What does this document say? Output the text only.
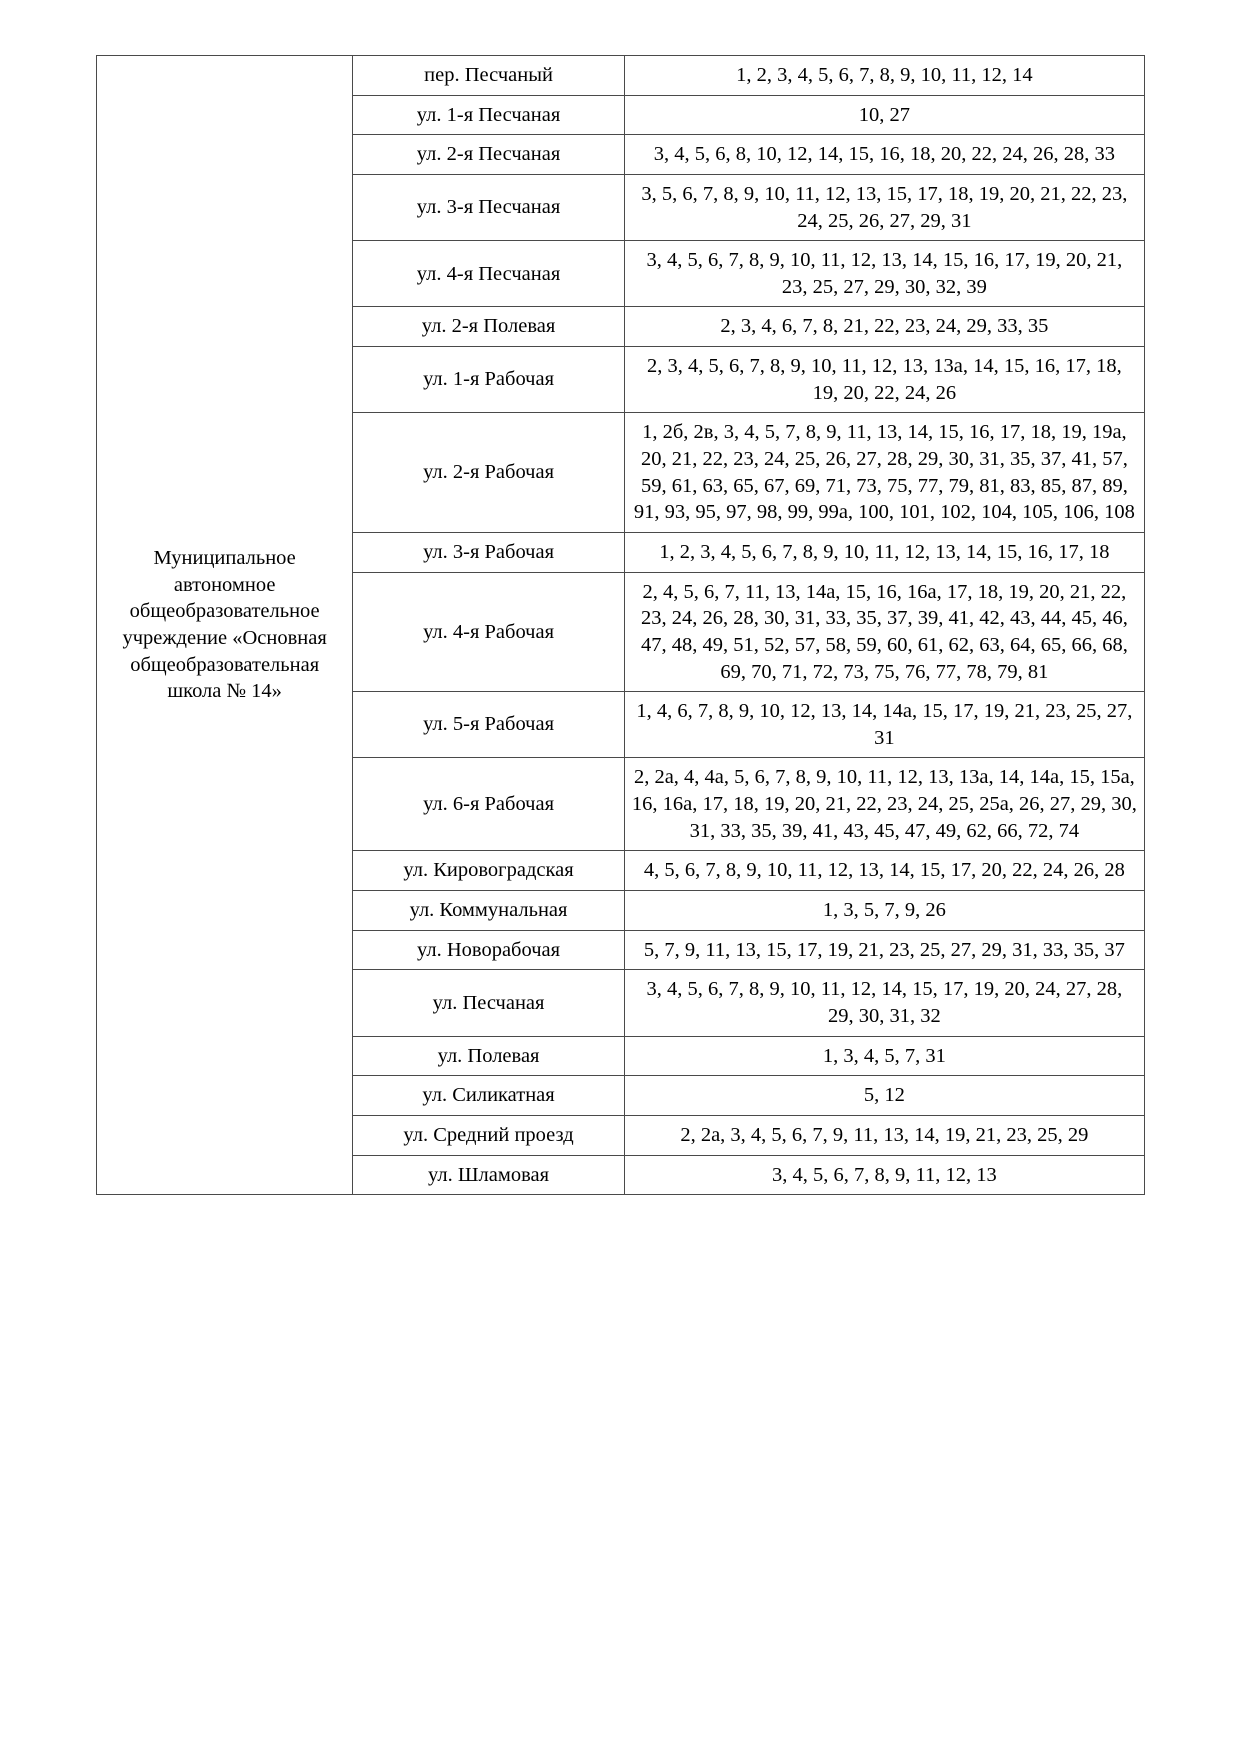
Муниципальное автономное общеобразовательное учреждение «Основная общеобразовательная школа № 14»	пер. Песчаный	1, 2, 3, 4, 5, 6, 7, 8, 9, 10, 11, 12, 14
	ул. 1-я Песчаная	10, 27
	ул. 2-я Песчаная	3, 4, 5, 6, 8, 10, 12, 14, 15, 16, 18, 20, 22, 24, 26, 28, 33
	ул. 3-я Песчаная	3, 5, 6, 7, 8, 9, 10, 11, 12, 13, 15, 17, 18, 19, 20, 21, 22, 23, 24, 25, 26, 27, 29, 31
	ул. 4-я Песчаная	3, 4, 5, 6, 7, 8, 9, 10, 11, 12, 13, 14, 15, 16, 17, 19, 20, 21, 23, 25, 27, 29, 30, 32, 39
	ул. 2-я Полевая	2, 3, 4, 6, 7, 8, 21, 22, 23, 24, 29, 33, 35
	ул. 1-я Рабочая	2, 3, 4, 5, 6, 7, 8, 9, 10, 11, 12, 13, 13а, 14, 15, 16, 17, 18, 19, 20, 22, 24, 26
	ул. 2-я Рабочая	1, 2б, 2в, 3, 4, 5, 7, 8, 9, 11, 13, 14, 15, 16, 17, 18, 19, 19а, 20, 21, 22, 23, 24, 25, 26, 27, 28, 29, 30, 31, 35, 37, 41, 57, 59, 61, 63, 65, 67, 69, 71, 73, 75, 77, 79, 81, 83, 85, 87, 89, 91, 93, 95, 97, 98, 99, 99а, 100, 101, 102, 104, 105, 106, 108
	ул. 3-я Рабочая	1, 2, 3, 4, 5, 6, 7, 8, 9, 10, 11, 12, 13, 14, 15, 16, 17, 18
	ул. 4-я Рабочая	2, 4, 5, 6, 7, 11, 13, 14а, 15, 16, 16а, 17, 18, 19, 20, 21, 22, 23, 24, 26, 28, 30, 31, 33, 35, 37, 39, 41, 42, 43, 44, 45, 46, 47, 48, 49, 51, 52, 57, 58, 59, 60, 61, 62, 63, 64, 65, 66, 68, 69, 70, 71, 72, 73, 75, 76, 77, 78, 79, 81
	ул. 5-я Рабочая	1, 4, 6, 7, 8, 9, 10, 12, 13, 14, 14а, 15, 17, 19, 21, 23, 25, 27, 31
	ул. 6-я Рабочая	2, 2а, 4, 4а, 5, 6, 7, 8, 9, 10, 11, 12, 13, 13а, 14, 14а, 15, 15а, 16, 16а, 17, 18, 19, 20, 21, 22, 23, 24, 25, 25а, 26, 27, 29, 30, 31, 33, 35, 39, 41, 43, 45, 47, 49, 62, 66, 72, 74
	ул. Кировоградская	4, 5, 6, 7, 8, 9, 10, 11, 12, 13, 14, 15, 17, 20, 22, 24, 26, 28
	ул. Коммунальная	1, 3, 5, 7, 9, 26
	ул. Новорабочая	5, 7, 9, 11, 13, 15, 17, 19, 21, 23, 25, 27, 29, 31, 33, 35, 37
	ул. Песчаная	3, 4, 5, 6, 7, 8, 9, 10, 11, 12, 14, 15, 17, 19, 20, 24, 27, 28, 29, 30, 31, 32
	ул. Полевая	1, 3, 4, 5, 7, 31
	ул. Силикатная	5, 12
	ул. Средний проезд	2, 2а, 3, 4, 5, 6, 7, 9, 11, 13, 14, 19, 21, 23, 25, 29
	ул. Шламовая	3, 4, 5, 6, 7, 8, 9, 11, 12, 13
